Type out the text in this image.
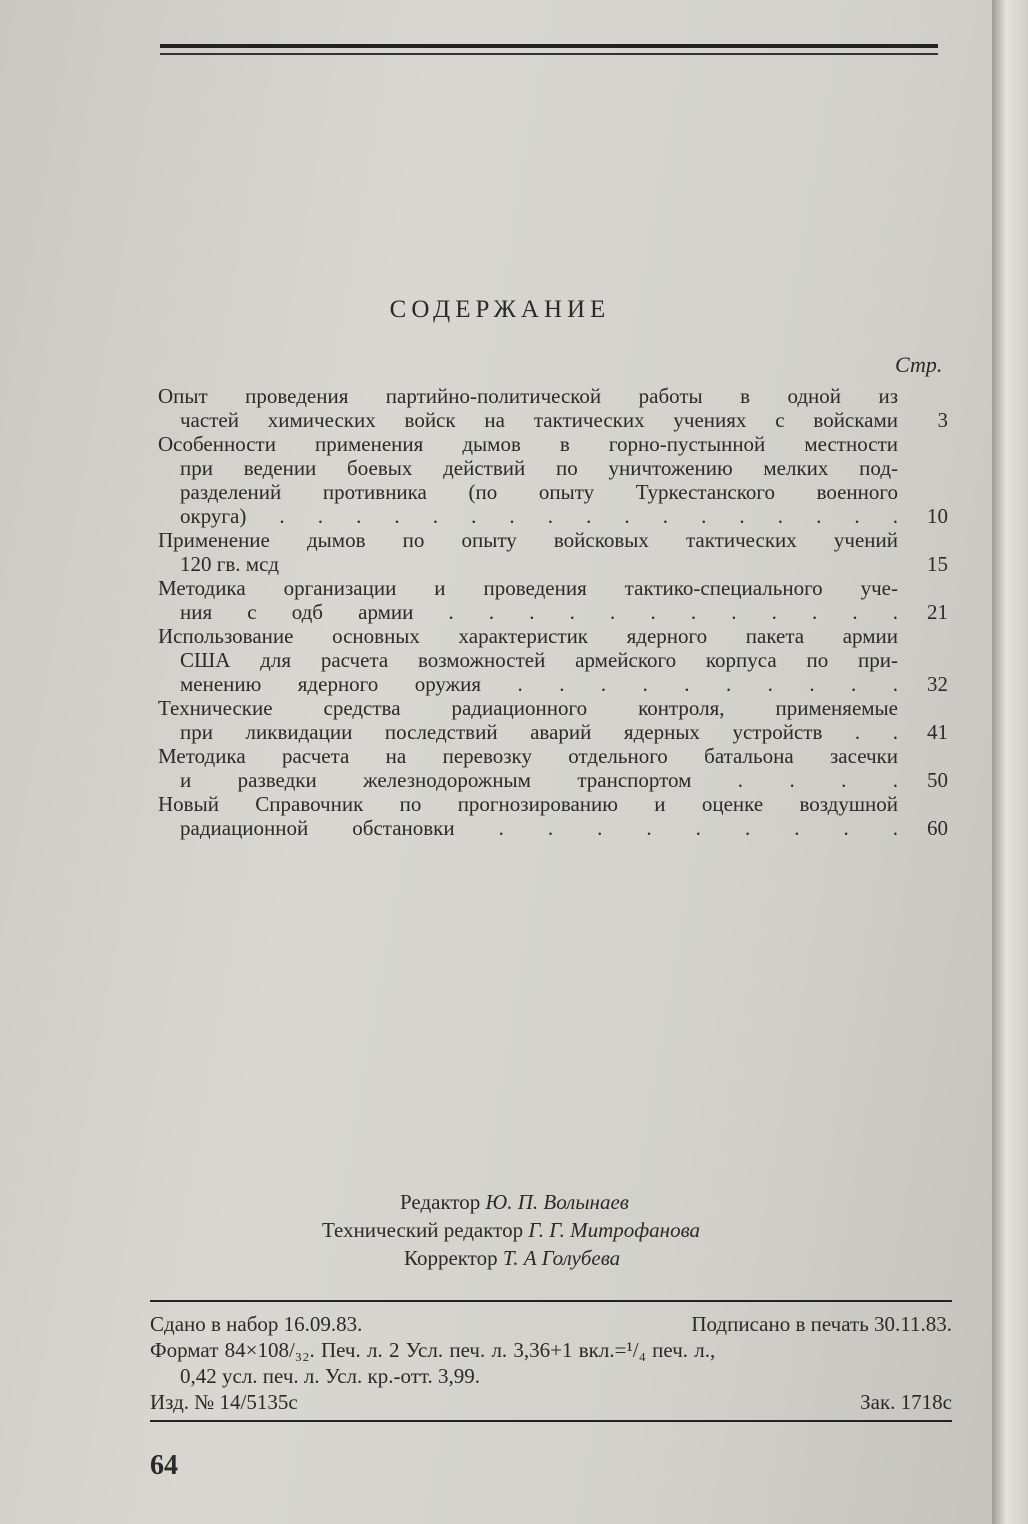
СОДЕРЖАНИЕ
Стр.
Опыт проведения партийно-политической работы в одной из
частей химических войск на тактических учениях с войсками 3
Особенности применения дымов в горно-пустынной местности
при ведении боевых действий по уничтожению мелких под-
разделений противника (по опыту Туркестанского военного
округа) . . . . . . . . . . . . . . . . . 10
Применение дымов по опыту войсковых тактических учений
120 гв. мсд	15
Методика организации и проведения тактико-специального уче-
ния с одб армии . . . . . . . . . . . . 21
Использование основных характеристик ядерного пакета армии
США для расчета возможностей армейского корпуса по при-
менению ядерного оружия . . . . . . . . . . 32
Технические средства радиационного контроля, применяемые
при ликвидации последствий аварий ядерных устройств . . 41
Методика расчета на перевозку отдельного батальона засечки
и разведки железнодорожным транспортом . . . . 50
Новый Справочник по прогнозированию и оценке воздушной
радиационной обстановки . . . . . . . . . 60
Редактор Ю. П. Волынаев
Технический редактор Г. Г. Митрофанова
Корректор Т. А Голубева
Сдано в набор 16.09.83.	Подписано в печать 30.11.83.
Формат 84×108/₃₂. Печ. л. 2 Усл. печ. л. 3,36+1 вкл.=¹/₄ печ. л.,
0,42 усл. печ. л. Усл. кр.-отт. 3,99.
Изд. № 14/5135с	Зак. 1718с
64
